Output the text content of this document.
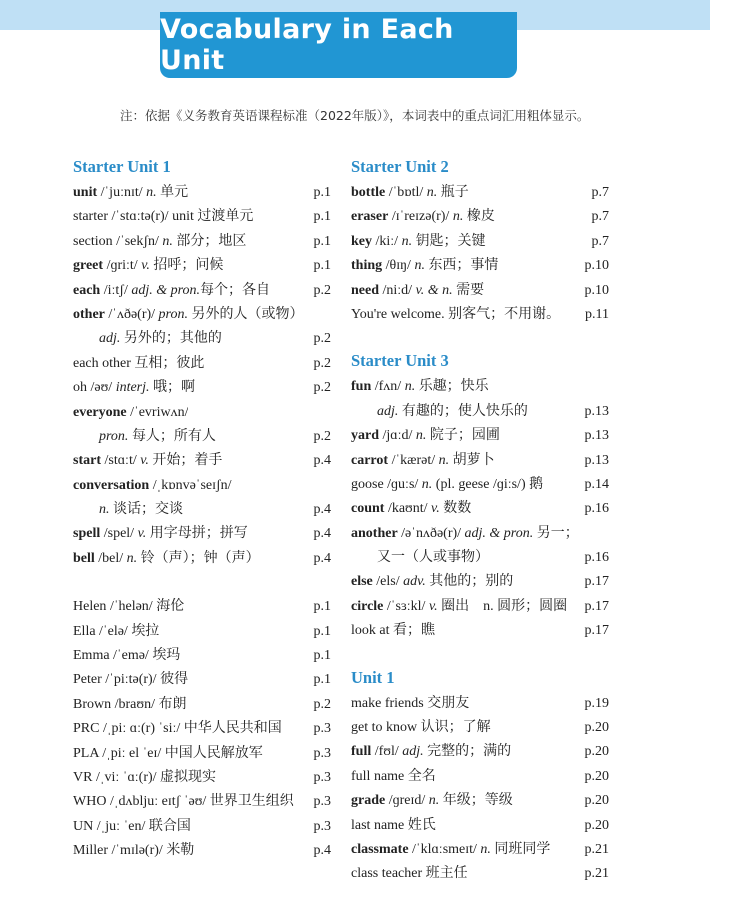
Vocabulary in Each Unit
注：依据《义务教育英语课程标准（2022年版）》，本词表中的重点词汇用粗体显示。
Starter Unit 1
unit /ˈjuːnɪt/ n. 单元	p.1
starter /ˈstɑːtə(r)/ unit 过渡单元	p.1
section /ˈsekʃn/ n. 部分；地区	p.1
greet /ɡriːt/ v. 招呼；问候	p.1
each /iːtʃ/ adj. & pron.每个；各自	p.2
other /ˈʌðə(r)/ pron. 另外的人（或物）
adj. 另外的；其他的	p.2
each other 互相；彼此	p.2
oh /əʊ/ interj. 哦；啊	p.2
everyone /ˈevriwʌn/
pron. 每人；所有人	p.2
start /stɑːt/ v. 开始；着手	p.4
conversation /ˌkɒnvəˈseɪʃn/
n. 谈话；交谈	p.4
spell /spel/ v. 用字母拼；拼写	p.4
bell /bel/ n. 铃（声）；钟（声）	p.4
Helen /ˈhelən/ 海伦	p.1
Ella /ˈelə/ 埃拉	p.1
Emma /ˈemə/ 埃玛	p.1
Peter /ˈpiːtə(r)/ 彼得	p.1
Brown /braʊn/ 布朗	p.2
PRC /ˌpiː ɑː(r) ˈsiː/ 中华人民共和国 p.3
PLA /ˌpiː el ˈeɪ/ 中国人民解放军	p.3
VR /ˌviː ˈɑː(r)/ 虚拟现实	p.3
WHO /ˌdʌbljuː eɪtʃ ˈəʊ/ 世界卫生组织 p.3
UN /ˌjuː ˈen/ 联合国	p.3
Miller /ˈmɪlə(r)/ 米勒	p.4
Starter Unit 2
bottle /ˈbɒtl/ n. 瓶子	p.7
eraser /ɪˈreɪzə(r)/ n. 橡皮	p.7
key /kiː/ n. 钥匙；关键	p.7
thing /θɪŋ/ n. 东西；事情	p.10
need /niːd/ v. & n. 需要	p.10
You're welcome. 别客气；不用谢。 p.11
Starter Unit 3
fun /fʌn/ n. 乐趣；快乐
adj. 有趣的；使人快乐的	p.13
yard /jɑːd/ n. 院子；园圃	p.13
carrot /ˈkærət/ n. 胡萝卜	p.13
goose /ɡuːs/ n. (pl. geese /ɡiːs/) 鹅	p.14
count /kaʊnt/ v. 数数	p.16
another /əˈnʌðə(r)/ adj. & pron. 另一；
又一（人或事物）	p.16
else /els/ adv. 其他的；别的	p.17
circle /ˈsɜːkl/ v. 圈出　n. 圆形；圆圈 p.17
look at 看；瞧	p.17
Unit 1
make friends 交朋友	p.19
get to know 认识；了解	p.20
full /fʊl/ adj. 完整的；满的	p.20
full name 全名	p.20
grade /ɡreɪd/ n. 年级；等级	p.20
last name 姓氏	p.20
classmate /ˈklɑːsmeɪt/ n. 同班同学 p.21
class teacher 班主任	p.21
